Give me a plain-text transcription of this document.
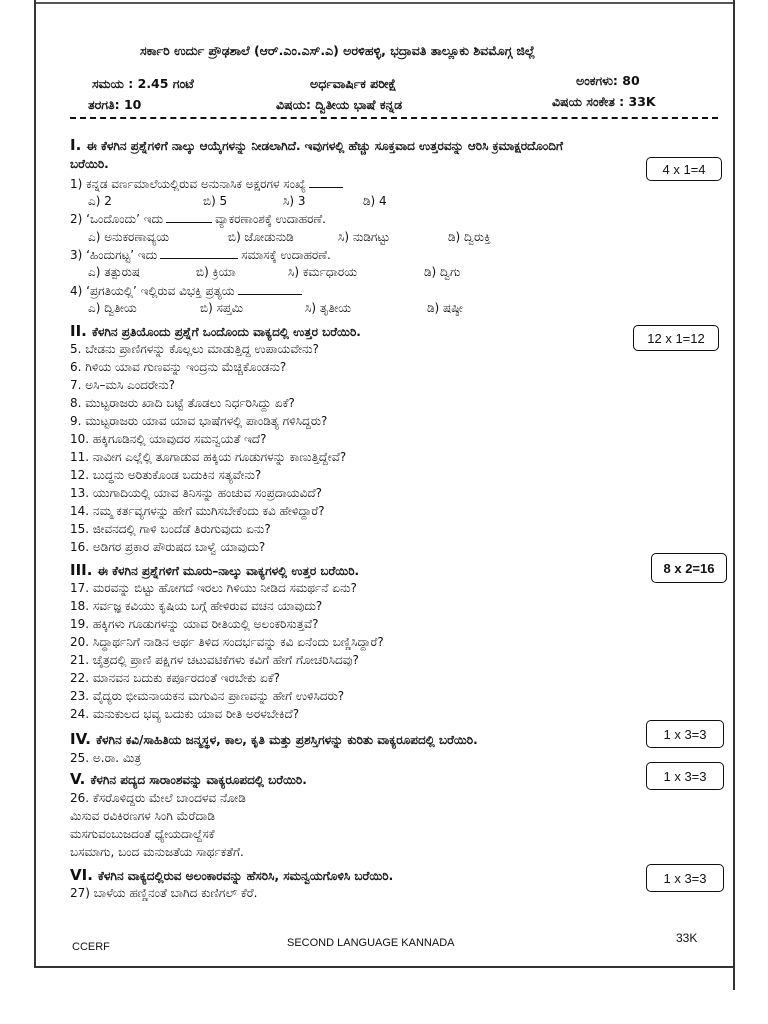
ಸರ್ಕಾರಿ ಉರ್ದು ಪ್ರೌಢಶಾಲೆ (ಆರ್.ಎಂ.ಎಸ್.ಎ) ಅರಳಿಹಳ್ಳಿ, ಭದ್ರಾವತಿ ತಾಲ್ಲೂಕು ಶಿವಮೊಗ್ಗ ಜಿಲ್ಲೆ
ಸಮಯ : 2.45 ಗಂಟೆ	ಅರ್ಧವಾರ್ಷಿಕ ಪರೀಕ್ಷೆ	ಅಂಕಗಳು: 80
ತರಗತಿ: 10	ವಿಷಯ: ದ್ವಿತೀಯ ಭಾಷೆ ಕನ್ನಡ	ವಿಷಯ ಸಂಕೇತ : 33K
I. ಈ ಕೆಳಗಿನ ಪ್ರಶ್ನೆಗಳಿಗೆ ನಾಲ್ಕು ಆಯ್ಕೆಗಳನ್ನು ನೀಡಲಾಗಿದೆ. ಇವುಗಳಲ್ಲಿ ಹೆಚ್ಚು ಸೂಕ್ತವಾದ ಉತ್ತರವನ್ನು ಆರಿಸಿ ಕ್ರಮಾಕ್ಷರದೊಂದಿಗೆ
ಬರೆಯಿರಿ.	4 x 1=4
1) ಕನ್ನಡ ವರ್ಣಮಾಲೆಯಲ್ಲಿರುವ ಅನುನಾಸಿಕ ಅಕ್ಷರಗಳ ಸಂಖ್ಯೆ
ಎ) 2	ಬಿ) 5	ಸಿ) 3	ಡಿ) 4
2) ‘ಒಂದೊಂದು’ ಇದು	ವ್ಯಾಕರಣಾಂಶಕ್ಕೆ ಉದಾಹರಣೆ.
ಎ) ಅನುಕರಣಾವ್ಯಯ	ಬಿ) ಜೋಡುನುಡಿ	ಸಿ) ನುಡಿಗಟ್ಟು	ಡಿ) ದ್ವಿರುಕ್ತಿ
3) ‘ಹಿಂದುಗಟ್ಟ’ ಇದು	ಸಮಾಸಕ್ಕೆ ಉದಾಹರಣೆ.
ಎ) ತತ್ಪುರುಷ	ಬಿ) ಕ್ರಿಯಾ	ಸಿ) ಕರ್ಮಧಾರಯ	ಡಿ) ದ್ವಿಗು
4) ‘ಪ್ರಗತಿಯಲ್ಲಿ’ ಇಲ್ಲಿರುವ ವಿಭಕ್ತಿ ಪ್ರತ್ಯಯ
ಎ) ದ್ವಿತೀಯ	ಬಿ) ಸಪ್ತಮಿ	ಸಿ) ತೃತೀಯ	ಡಿ) ಷಷ್ಠೀ
II. ಕೆಳಗಿನ ಪ್ರತಿಯೊಂದು ಪ್ರಶ್ನೆಗೆ ಒಂದೊಂದು ವಾಕ್ಯದಲ್ಲಿ ಉತ್ತರ ಬರೆಯಿರಿ.	12 x 1=12
5. ಬೇಡನು ಪ್ರಾಣಿಗಳನ್ನು ಕೊಲ್ಲಲು ಮಾಡುತ್ತಿದ್ದ ಉಪಾಯವೇನು?
6. ಗಿಳಿಯ ಯಾವ ಗುಣವನ್ನು ಇಂದ್ರನು ಮೆಚ್ಚಿಕೊಂಡನು?
7. ಅಸಿ–ಮಸಿ ಎಂದರೇನು?
8. ಮುಟ್ಟರಾಜರು ಖಾದಿ ಬಟ್ಟೆ ತೊಡಲು ನಿರ್ಧರಿಸಿದ್ದು ಏಕೆ?
9. ಮುಟ್ಟರಾಜರು ಯಾವ ಯಾವ ಭಾಷೆಗಳಲ್ಲಿ ಪಾಂಡಿತ್ಯ ಗಳಿಸಿದ್ದರು?
10. ಹಕ್ಕಿಗೂಡಿನಲ್ಲಿ ಯಾವುದರ ಸಮನ್ವಯತೆ ಇದೆ?
11. ನಾವೀಗ ಎಲ್ಲೆಲ್ಲಿ ತೂಗಾಡುವ ಹಕ್ಕಿಯ ಗೂಡುಗಳನ್ನು ಕಾಣುತ್ತಿದ್ದೇವೆ?
12. ಬುದ್ಧನು ಅರಿತುಕೊಂಡ ಬದುಕಿನ ಸತ್ಯವೇನು?
13. ಯುಗಾದಿಯಲ್ಲಿ ಯಾವ ತಿನಿಸನ್ನು ಹಂಚುವ ಸಂಪ್ರದಾಯವಿದೆ?
14. ನಮ್ಮ ಕರ್ತವ್ಯಗಳನ್ನು ಹೇಗೆ ಮುಗಿಸಬೇಕೆಂದು ಕವಿ ಹೇಳಿದ್ದಾರೆ?
15. ಜೀವನದಲ್ಲಿ ಗಾಳಿ ಬಂದೆಡೆ ತಿರುಗುವುದು ಏನು?
16. ಅಡಿಗರ ಪ್ರಕಾರ ಪೌರುಷದ ಬಾಳ್ವೆ ಯಾವುದು?
III. ಈ ಕೆಳಗಿನ ಪ್ರಶ್ನೆಗಳಿಗೆ ಮೂರು–ನಾಲ್ಕು ವಾಕ್ಯಗಳಲ್ಲಿ ಉತ್ತರ ಬರೆಯಿರಿ.	8 x 2=16
17. ಮರವನ್ನು ಬಿಟ್ಟು ಹೋಗದೆ ಇರಲು ಗಿಳಿಯು ನೀಡಿದ ಸಮರ್ಥನೆ ಏನು?
18. ಸರ್ವಜ್ಞ ಕವಿಯು ಕೃಷಿಯ ಬಗ್ಗೆ ಹೇಳಿರುವ ವಚನ ಯಾವುದು?
19. ಹಕ್ಕಿಗಳು ಗೂಡುಗಳನ್ನು ಯಾವ ರೀತಿಯಲ್ಲಿ ಅಲಂಕರಿಸುತ್ತವೆ?
20. ಸಿದ್ಧಾರ್ಥನಿಗೆ ನಾಡಿನ ಅರ್ಥ ತಿಳಿದ ಸಂದರ್ಭವನ್ನು ಕವಿ ಏನೆಂದು ಬಣ್ಣಿಸಿದ್ದಾರೆ?
21. ಚೈತ್ರದಲ್ಲಿ ಪ್ರಾಣಿ ಪಕ್ಷಿಗಳ ಚಟುವಟಿಕೆಗಳು ಕವಿಗೆ ಹೇಗೆ ಗೋಚರಿಸಿದವು?
22. ಮಾನವನ ಬದುಕು ಕರ್ಪೂರದಂತೆ ಇರಬೇಕು ಏಕೆ?
23. ವೈದ್ಯರು ಭೀಮನಾಯಕನ ಮಗುವಿನ ಪ್ರಾಣವನ್ನು ಹೇಗೆ ಉಳಿಸಿದರು?
24. ಮನುಕುಲದ ಭವ್ಯ ಬದುಕು ಯಾವ ರೀತಿ ಅರಳಬೇಕಿದೆ?
IV. ಕೆಳಗಿನ ಕವಿ/ಸಾಹಿತಿಯ ಜನ್ಮಸ್ಥಳ, ಕಾಲ, ಕೃತಿ ಮತ್ತು ಪ್ರಶಸ್ತಿಗಳನ್ನು ಕುರಿತು ವಾಕ್ಯರೂಪದಲ್ಲಿ ಬರೆಯಿರಿ.	1 x 3=3
25. ಅ.ರಾ. ಮಿತ್ರ
V. ಕೆಳಗಿನ ಪದ್ಯದ ಸಾರಾಂಶವನ್ನು ವಾಕ್ಯರೂಪದಲ್ಲಿ ಬರೆಯಿರಿ.	1 x 3=3
26. ಕೆಸರೊಳಿದ್ದರು ಮೇಲೆ ಬಾಂದಳವ ನೋಡಿ
ಮಿಸುವ ರವಿಕಿರಣಗಳ ಸಿಂಗಿ ಮೆರೆದಾಡಿ
ಮಸಗುವಂಬುಜದಂತೆ ಧ್ಯೇಯದಾಲ್ದೆಸಕೆ
ಬಸಮಾಗು, ಬಂದ ಮನುಜತೆಯ ಸಾರ್ಥಕತೆಗೆ.
VI. ಕೆಳಗಿನ ವಾಕ್ಯದಲ್ಲಿರುವ ಅಲಂಕಾರವನ್ನು ಹೆಸರಿಸಿ, ಸಮನ್ವಯಗೊಳಿಸಿ ಬರೆಯಿರಿ.	1 x 3=3
27) ಬಾಳೆಯ ಹಣ್ಣಿನಂತೆ ಬಾಗಿದ ಕುಣಿಗಲ್ ಕೆರೆ.
CCERF	SECOND LANGUAGE KANNADA	33K
